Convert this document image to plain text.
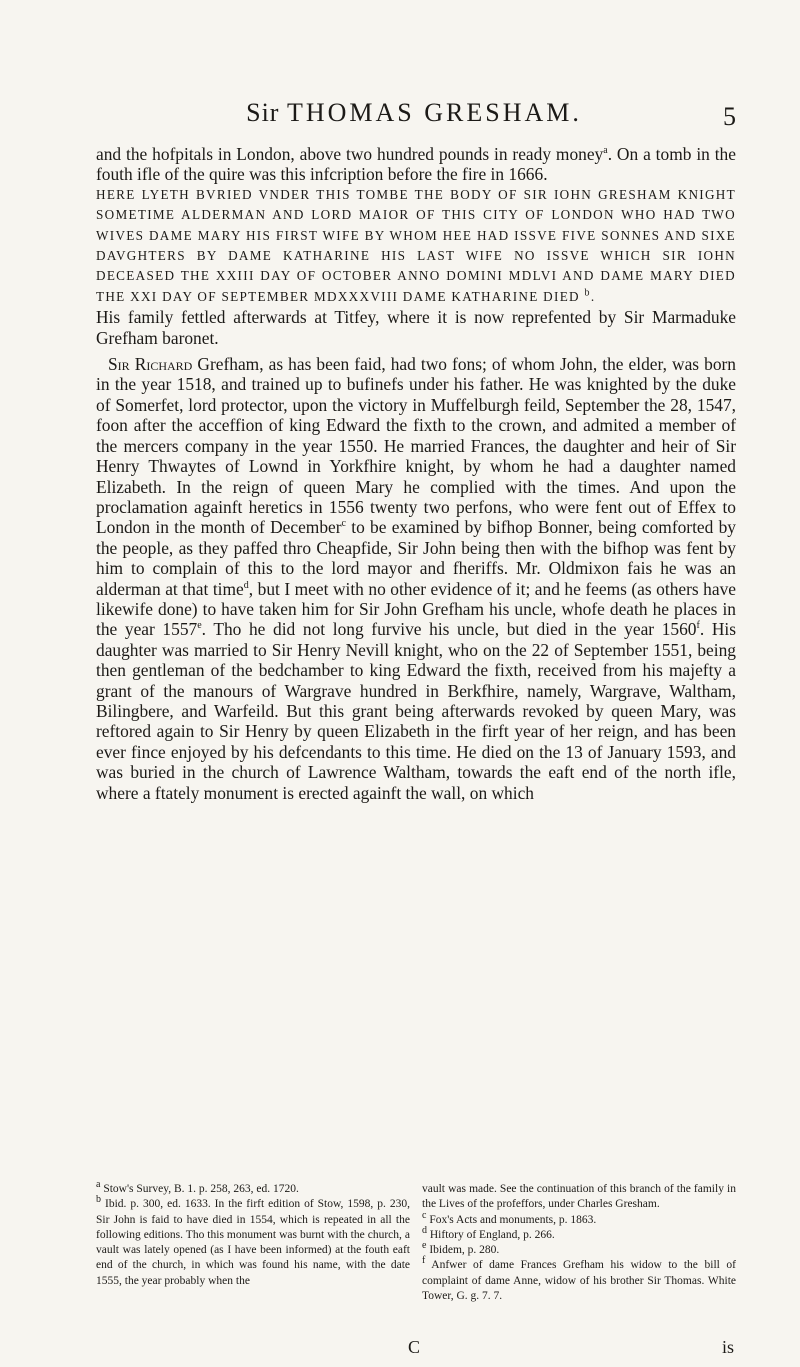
Sir THOMAS GRESHAM.	5

and the hofpitals in London, above two hundred pounds in ready money$^a$. On a tomb in the fouth ifle of the quire was this infcription before the fire in 1666.

HERE LYETH BVRIED VNDER THIS TOMBE THE BODY OF SIR IOHN GRESHAM KNIGHT SOMETIME ALDERMAN AND LORD MAIOR OF THIS CITY OF LONDON WHO HAD TWO WIVES DAME MARY HIS FIRST WIFE BY WHOM HEE HAD ISSVE FIVE SONNES AND SIXE DAVGHTERS BY DAME KATHARINE HIS LAST WIFE NO ISSVE WHICH SIR IOHN DECEASED THE XXIII DAY OF OCTOBER ANNO DOMINI MDLVI AND DAME MARY DIED THE XXI DAY OF SEPTEMBER MDXXXVIII DAME KATHARINE DIED $^b$.

His family fettled afterwards at Titfey, where it is now reprefented by Sir Marmaduke Grefham baronet.

Sir Richard Grefham, as has been faid, had two fons; of whom John, the elder, was born in the year 1518, and trained up to bufinefs under his father. He was knighted by the duke of Somerfet, lord protector, upon the victory in Muffelburgh feild, September the 28, 1547, foon after the acceffion of king Edward the fixth to the crown, and admited a member of the mercers company in the year 1550. He married Frances, the daughter and heir of Sir Henry Thwaytes of Lownd in Yorkfhire knight, by whom he had a daughter named Elizabeth. In the reign of queen Mary he complied with the times. And upon the proclamation againft heretics in 1556 twenty two perfons, who were fent out of Effex to London in the month of December$^c$ to be examined by bifhop Bonner, being comforted by the people, as they paffed thro Cheapfide, Sir John being then with the bifhop was fent by him to complain of this to the lord mayor and fheriffs. Mr. Oldmixon fais he was an alderman at that time$^d$, but I meet with no other evidence of it; and he feems (as others have likewife done) to have taken him for Sir John Grefham his uncle, whofe death he places in the year 1557e. Tho he did not long furvive his uncle, but died in the year 1560$^f$. His daughter was married to Sir Henry Nevill knight, who on the 22 of September 1551, being then gentleman of the bedchamber to king Edward the fixth, received from his majefty a grant of the manours of Wargrave hundred in Berkfhire, namely, Wargrave, Waltham, Bilingbere, and Warfeild. But this grant being afterwards revoked by queen Mary, was reftored again to Sir Henry by queen Elizabeth in the firft year of her reign, and has been ever fince enjoyed by his defcendants to this time. He died on the 13 of January 1593, and was buried in the church of Lawrence Waltham, towards the eaft end of the north ifle, where a ftately monument is erected againft the wall, on which

$^a$ Stow's Survey, B. 1. p. 258, 263, ed. 1720.

$^b$ Ibid. p. 300, ed. 1633. In the firft edition of Stow, 1598, p. 230, Sir John is faid to have died in 1554, which is repeated in all the following editions. Tho this monument was burnt with the church, a vault was lately opened (as I have been informed) at the fouth eaft end of the church, in which was found his name, with the date 1555, the year probably when the

vault was made. See the continuation of this branch of the family in the Lives of the profeffors, under Charles Gresham.

$^c$ Fox's Acts and monuments, p. 1863.

$^d$ Hiftory of England, p. 266.

$^e$ Ibidem, p. 280.

$^f$ Anfwer of dame Frances Grefham his widow to the bill of complaint of dame Anne, widow of his brother Sir Thomas. White Tower, G. g. 7. 7.

C	is
